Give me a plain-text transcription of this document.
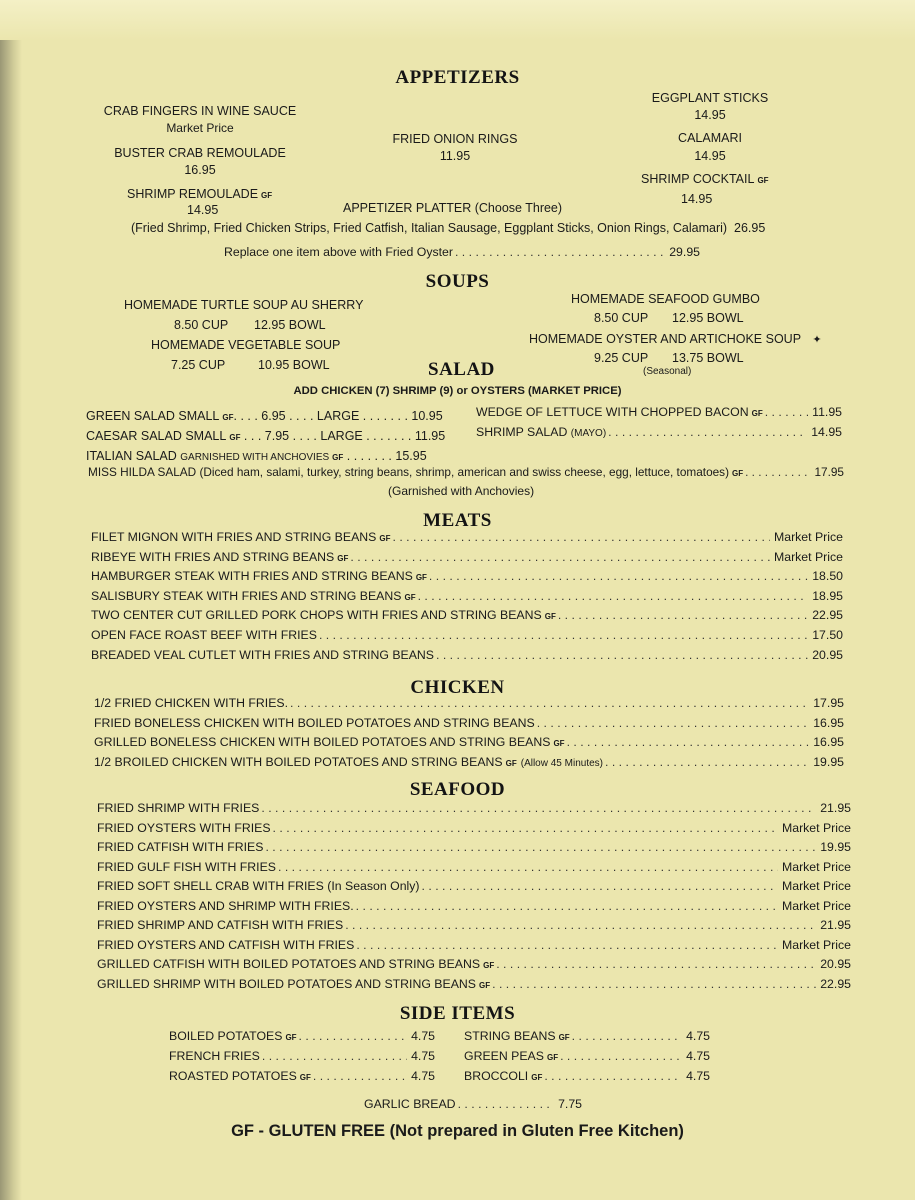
APPETIZERS
CRAB FINGERS IN WINE SAUCE
Market Price
BUSTER CRAB REMOULADE
16.95
SHRIMP REMOULADE GF
14.95
FRIED ONION RINGS
11.95
EGGPLANT STICKS
14.95
CALAMARI
14.95
SHRIMP COCKTAIL GF
14.95
APPETIZER PLATTER (Choose Three)
(Fried Shrimp, Fried Chicken Strips, Fried Catfish, Italian Sausage, Eggplant Sticks, Onion Rings, Calamari) 26.95
Replace one item above with Fried Oyster . . .	29.95
SOUPS
HOMEMADE TURTLE SOUP AU SHERRY
8.50 CUP 12.95 BOWL
HOMEMADE VEGETABLE SOUP
7.25 CUP	10.95 BOWL
HOMEMADE SEAFOOD GUMBO
8.50 CUP 12.95 BOWL
HOMEMADE OYSTER AND ARTICHOKE SOUP ✦
9.25 CUP 13.75 BOWL
(Seasonal)
SALAD
ADD CHICKEN (7) SHRIMP (9) or OYSTERS (MARKET PRICE)
GREEN SALAD SMALL GF. . . . 6.95 . . . . LARGE . . . . . . . 10.95
CAESAR SALAD SMALL GF . . . 7.95 . . . . LARGE . . . . . . . 11.95
ITALIAN SALAD GARNISHED WITH ANCHOVIES GF . . . . . . . 15.95
WEDGE OF LETTUCE WITH CHOPPED BACON GF . . .	11.95
SHRIMP SALAD
(MAYO) . . .	14.95
MISS HILDA SALAD (Diced ham, salami, turkey, string beans, shrimp, american and swiss cheese, egg, lettuce, tomatoes) GF . . .	17.95
(Garnished with Anchovies)
MEATS
FILET MIGNON WITH FRIES AND STRING BEANS GF . . .	Market Price
RIBEYE WITH FRIES AND STRING BEANS GF . . .	Market Price
HAMBURGER STEAK WITH FRIES AND STRING BEANS GF . . .	18.50
SALISBURY STEAK WITH FRIES AND STRING BEANS GF . . .	18.95
TWO CENTER CUT GRILLED PORK CHOPS WITH FRIES AND STRING BEANS GF . . .	22.95
OPEN FACE ROAST BEEF WITH FRIES . . .	17.50
BREADED VEAL CUTLET WITH FRIES AND STRING BEANS . . .	20.95
CHICKEN
1/2 FRIED CHICKEN WITH FRIES. . . .	17.95
FRIED BONELESS CHICKEN WITH BOILED POTATOES AND STRING BEANS . . .	16.95
GRILLED BONELESS CHICKEN WITH BOILED POTATOES AND STRING BEANS GF . . .	16.95
1/2 BROILED CHICKEN WITH BOILED POTATOES AND STRING BEANS GF (Allow 45 Minutes) . . .	19.95
SEAFOOD
FRIED SHRIMP WITH FRIES . . .	21.95
FRIED OYSTERS WITH FRIES . . .	Market Price
FRIED CATFISH WITH FRIES . . .	19.95
FRIED GULF FISH WITH FRIES . . .	Market Price
FRIED SOFT SHELL CRAB WITH FRIES (In Season Only) . . .	Market Price
FRIED OYSTERS AND SHRIMP WITH FRIES. . . .	Market Price
FRIED SHRIMP AND CATFISH WITH FRIES . . .	21.95
FRIED OYSTERS AND CATFISH WITH FRIES . . .	Market Price
GRILLED CATFISH WITH BOILED POTATOES AND STRING BEANS GF . . .	20.95
GRILLED SHRIMP WITH BOILED POTATOES AND STRING BEANS GF . . .	22.95
SIDE ITEMS
BOILED POTATOES GF . . .	4.75
FRENCH FRIES . . .	4.75
ROASTED POTATOES GF . . .	4.75
STRING BEANS GF . . .	4.75
GREEN PEAS GF . . .	4.75
BROCCOLI GF . . .	4.75
GARLIC BREAD . . .	7.75
GF - GLUTEN FREE (Not prepared in Gluten Free Kitchen)
